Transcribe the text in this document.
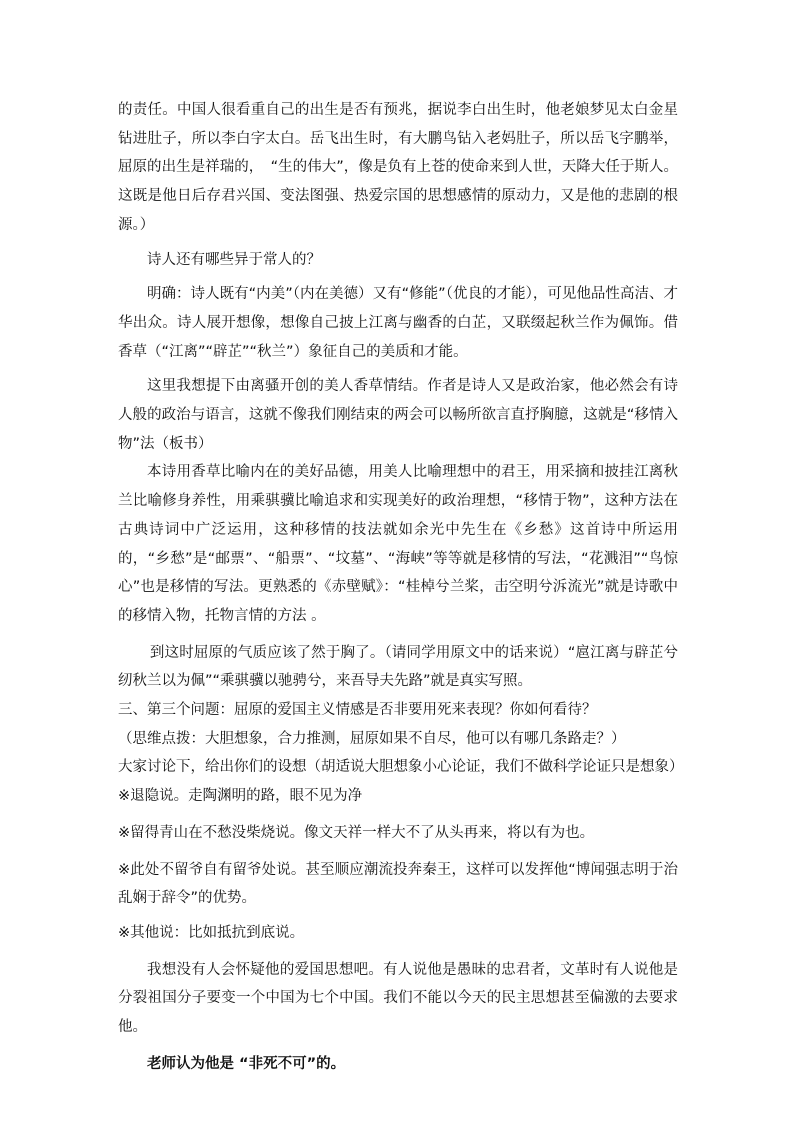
的责任。中国人很看重自己的出生是否有预兆，据说李白出生时，他老娘梦见太白金星钻进肚子，所以李白字太白。岳飞出生时，有大鹏鸟钻入老妈肚子，所以岳飞字鹏举，屈原的出生是祥瑞的，　“生的伟大”，像是负有上苍的使命来到人世，天降大任于斯人。这既是他日后存君兴国、变法图强、热爱宗国的思想感情的原动力，又是他的悲剧的根源。）

诗人还有哪些异于常人的？

明确：诗人既有“内美”（内在美德）又有“修能”（优良的才能），可见他品性高洁、才华出众。诗人展开想像，想像自己披上江离与幽香的白芷，又联缀起秋兰作为佩饰。借香草（“江离”“辟芷”“秋兰”）象征自己的美质和才能。

这里我想提下由离骚开创的美人香草情结。作者是诗人又是政治家，他必然会有诗人般的政治与语言，这就不像我们刚结束的两会可以畅所欲言直抒胸臆，这就是“移情入物”法（板书）

本诗用香草比喻内在的美好品德，用美人比喻理想中的君王，用采摘和披挂江离秋兰比喻修身养性，用乘骐骥比喻追求和实现美好的政治理想，“移情于物”，这种方法在古典诗词中广泛运用，这种移情的技法就如余光中先生在《乡愁》这首诗中所运用的，“乡愁”是“邮票”、“船票”、“坟墓”、“海峡”等等就是移情的写法，“花溅泪”“鸟惊心”也是移情的写法。更熟悉的《赤壁赋》：“桂棹兮兰桨，击空明兮泝流光”就是诗歌中的移情入物，托物言情的方法 。

到这时屈原的气质应该了然于胸了。（请同学用原文中的话来说）“扈江离与辟芷兮纫秋兰以为佩”“乘骐骥以驰骋兮，来吾导夫先路”就是真实写照。

三、第三个问题：屈原的爱国主义情感是否非要用死来表现？你如何看待？

（思维点拨：大胆想象，合力推测，屈原如果不自尽，他可以有哪几条路走？）

大家讨论下，给出你们的设想（胡适说大胆想象小心论证，我们不做科学论证只是想象）

※退隐说。走陶渊明的路，眼不见为净

※留得青山在不愁没柴烧说。像文天祥一样大不了从头再来，将以有为也。

※此处不留爷自有留爷处说。甚至顺应潮流投奔秦王，这样可以发挥他“博闻强志明于治乱娴于辞令”的优势。

※其他说：比如抵抗到底说。

我想没有人会怀疑他的爱国思想吧。有人说他是愚昧的忠君者，文革时有人说他是分裂祖国分子要变一个中国为七个中国。我们不能以今天的民主思想甚至偏激的去要求他。

老师认为他是 “非死不可”的。
